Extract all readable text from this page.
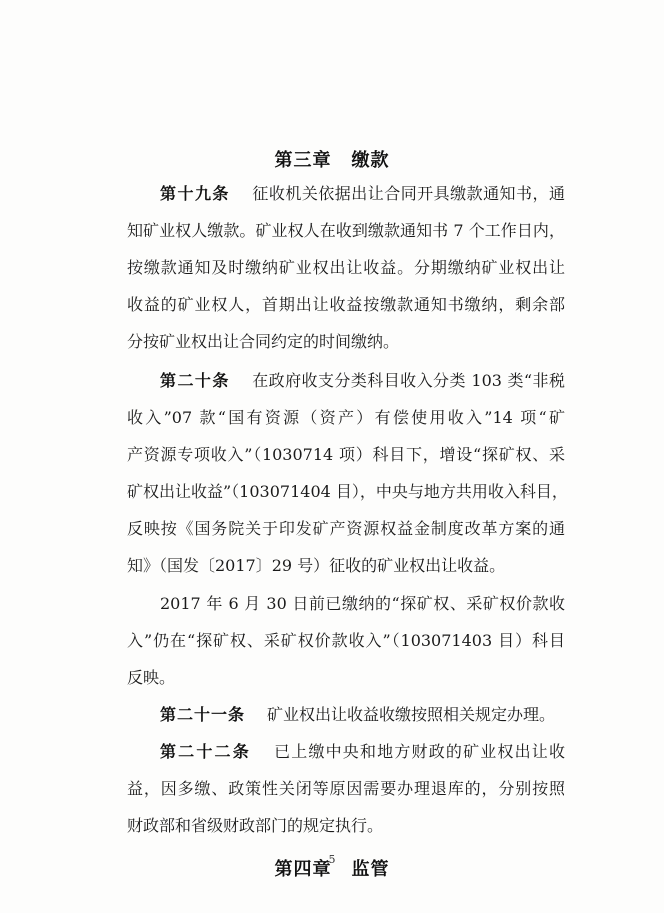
第三章 缴款
第十九条 征收机关依据出让合同开具缴款通知书，通
知矿业权人缴款。矿业权人在收到缴款通知书 7 个工作日内，
按缴款通知及时缴纳矿业权出让收益。分期缴纳矿业权出让
收益的矿业权人，首期出让收益按缴款通知书缴纳，剩余部
分按矿业权出让合同约定的时间缴纳。
第二十条 在政府收支分类科目收入分类 103 类“非税
收入”07 款“国有资源（资产）有偿使用收入”14 项“矿
产资源专项收入”（1030714 项）科目下，增设“探矿权、采
矿权出让收益”（103071404 目），中央与地方共用收入科目，
反映按《国务院关于印发矿产资源权益金制度改革方案的通
知》（国发〔2017〕29 号）征收的矿业权出让收益。
2017 年 6 月 30 日前已缴纳的“探矿权、采矿权价款收
入”仍在“探矿权、采矿权价款收入”（103071403 目）科目
反映。
第二十一条 矿业权出让收益收缴按照相关规定办理。
第二十二条 已上缴中央和地方财政的矿业权出让收
益，因多缴、政策性关闭等原因需要办理退库的，分别按照
财政部和省级财政部门的规定执行。
第四章 监管
5
